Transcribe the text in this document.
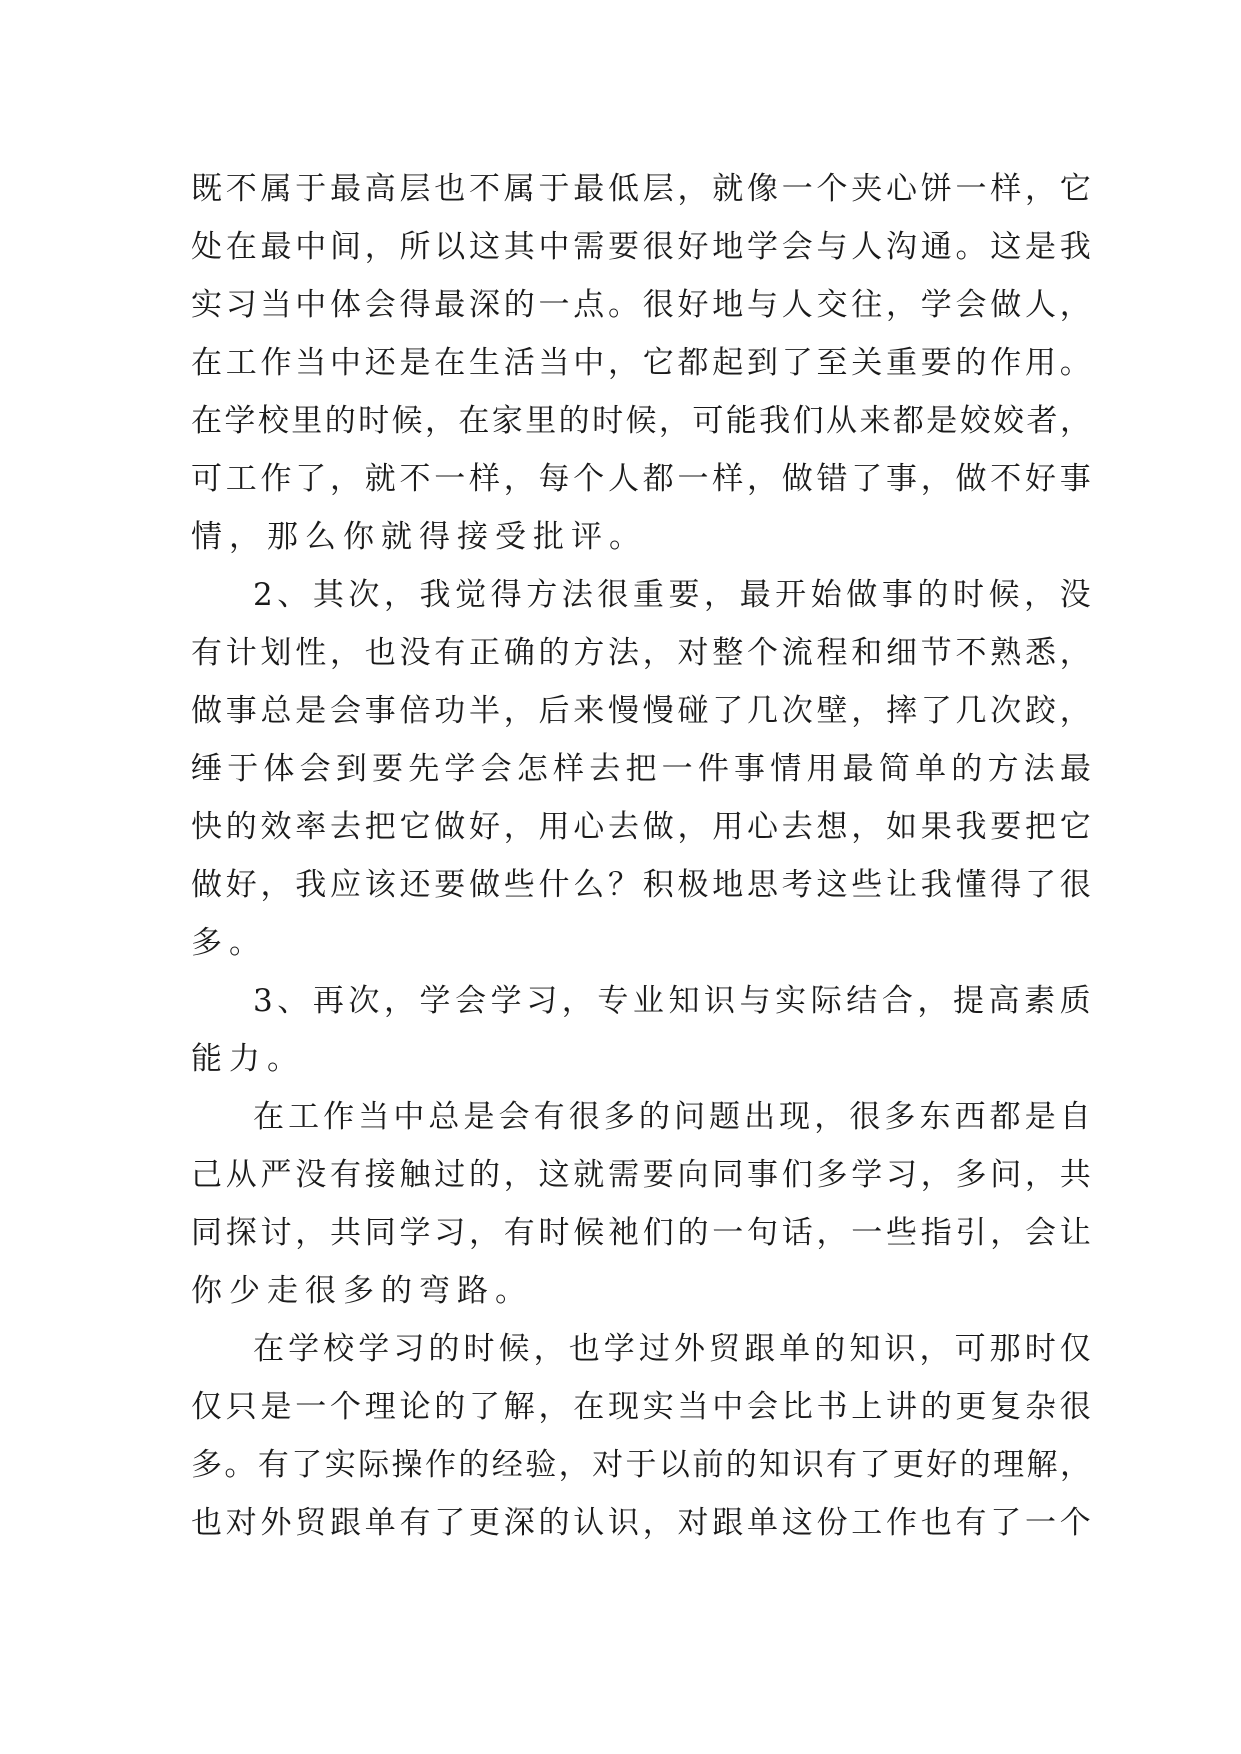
既 不 属 于 最 高 层 也 不 属 于 最 低 层 ， 就 像 一 个 夹 心 饼 一 样 ， 它
处 在 最 中 间 ， 所 以 这 其 中 需 要 很 好 地 学 会 与 人 沟 通 。 这 是 我
实 习 当 中 体 会 得 最 深 的 一 点 。 很 好 地 与 人 交 往 ， 学 会 做 人 ，
在 工 作 当 中 还 是 在 生 活 当 中 ， 它 都 起 到 了 至 关 重 要 的 作 用 。
在 学 校 里 的 时 候 ， 在 家 里 的 时 候 ， 可 能 我 们 从 来 都 是 姣 姣 者 ，
可 工 作 了 ， 就 不 一 样 ， 每 个 人 都 一 样 ， 做 错 了 事 ， 做 不 好 事
情，那么你就得接受批评。
2 、 其 次 ， 我 觉 得 方 法 很 重 要 ， 最 开 始 做 事 的 时 候 ， 没
有 计 划 性 ， 也 没 有 正 确 的 方 法 ， 对 整 个 流 程 和 细 节 不 熟 悉 ，
做 事 总 是 会 事 倍 功 半 ， 后 来 慢 慢 碰 了 几 次 壁 ， 摔 了 几 次 跤 ，
缍 于 体 会 到 要 先 学 会 怎 样 去 把 一 件 事 情 用 最 简 单 的 方 法 最
快 的 效 率 去 把 它 做 好 ， 用 心 去 做 ， 用 心 去 想 ， 如 果 我 要 把 它
做 好 ， 我 应 该 还 要 做 些 什 么 ？ 积 极 地 思 考 这 些 让 我 懂 得 了 很
多。
3 、 再 次 ， 学 会 学 习 ， 专 业 知 识 与 实 际 结 合 ， 提 高 素 质
能力。
在 工 作 当 中 总 是 会 有 很 多 的 问 题 出 现 ， 很 多 东 西 都 是 自
己 从 严 没 有 接 触 过 的 ， 这 就 需 要 向 同 事 们 多 学 习 ， 多 问 ， 共
同 探 讨 ， 共 同 学 习 ， 有 时 候 衪 们 的 一 句 话 ， 一 些 指 引 ， 会 让
你少走很多的弯路。
在 学 校 学 习 的 时 候 ， 也 学 过 外 贸 跟 单 的 知 识 ， 可 那 时 仅
仅 只 是 一 个 理 论 的 了 解 ， 在 现 实 当 中 会 比 书 上 讲 的 更 复 杂 很
多 。 有 了 实 际 操 作 的 经 验 ， 对 于 以 前 的 知 识 有 了 更 好 的 理 解 ，
也 对 外 贸 跟 单 有 了 更 深 的 认 识 ， 对 跟 单 这 份 工 作 也 有 了 一 个
